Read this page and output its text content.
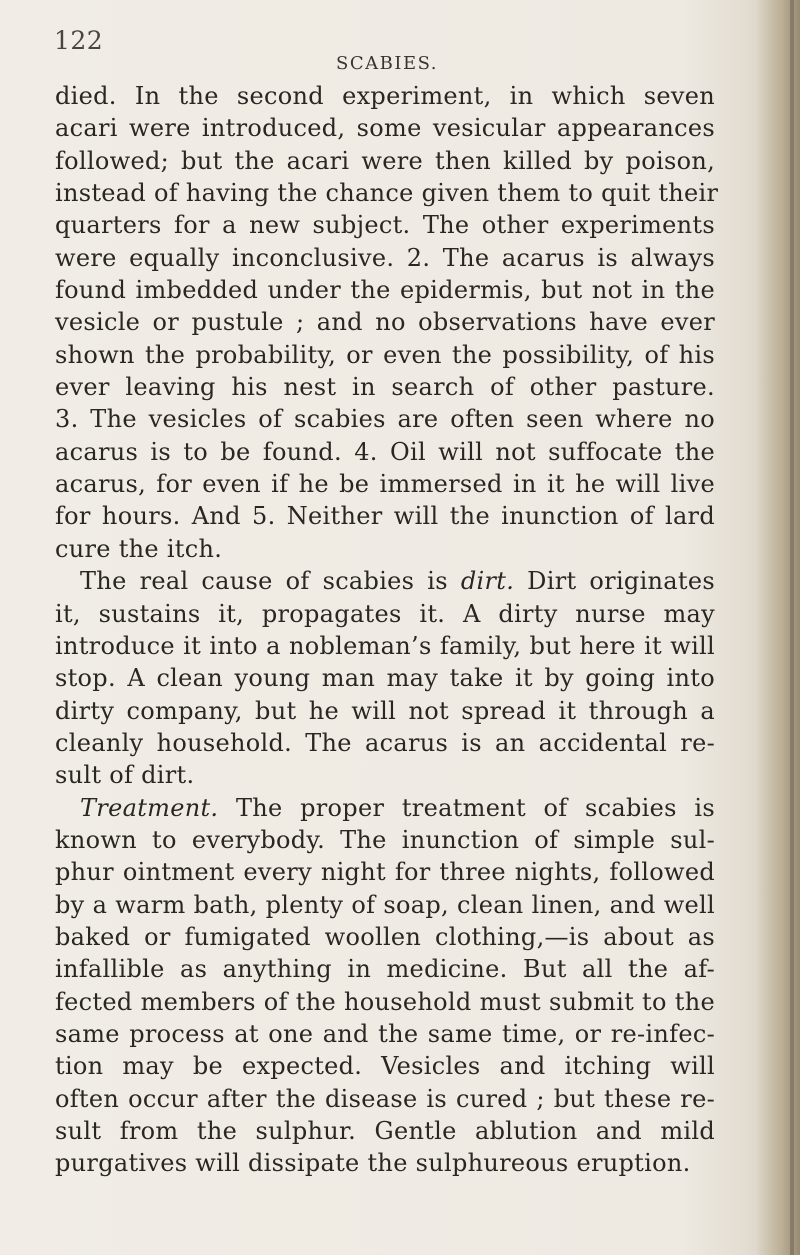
122
SCABIES.
died. In the second experiment, in which seven
acari were introduced, some vesicular appearances
followed; but the acari were then killed by poison,
instead of having the chance given them to quit their
quarters for a new subject. The other experiments
were equally inconclusive. 2. The acarus is always
found imbedded under the epidermis, but not in the
vesicle or pustule ; and no observations have ever
shown the probability, or even the possibility, of his
ever leaving his nest in search of other pasture.
3. The vesicles of scabies are often seen where no
acarus is to be found. 4. Oil will not suffocate the
acarus, for even if he be immersed in it he will live
for hours. And 5. Neither will the inunction of lard
cure the itch.
The real cause of scabies is dirt. Dirt originates
it, sustains it, propagates it. A dirty nurse may
introduce it into a nobleman’s family, but here it will
stop. A clean young man may take it by going into
dirty company, but he will not spread it through a
cleanly household. The acarus is an accidental re-
sult of dirt.
Treatment. The proper treatment of scabies is
known to everybody. The inunction of simple sul-
phur ointment every night for three nights, followed
by a warm bath, plenty of soap, clean linen, and well
baked or fumigated woollen clothing,—is about as
infallible as anything in medicine. But all the af-
fected members of the household must submit to the
same process at one and the same time, or re-infec-
tion may be expected. Vesicles and itching will
often occur after the disease is cured ; but these re-
sult from the sulphur. Gentle ablution and mild
purgatives will dissipate the sulphureous eruption.
